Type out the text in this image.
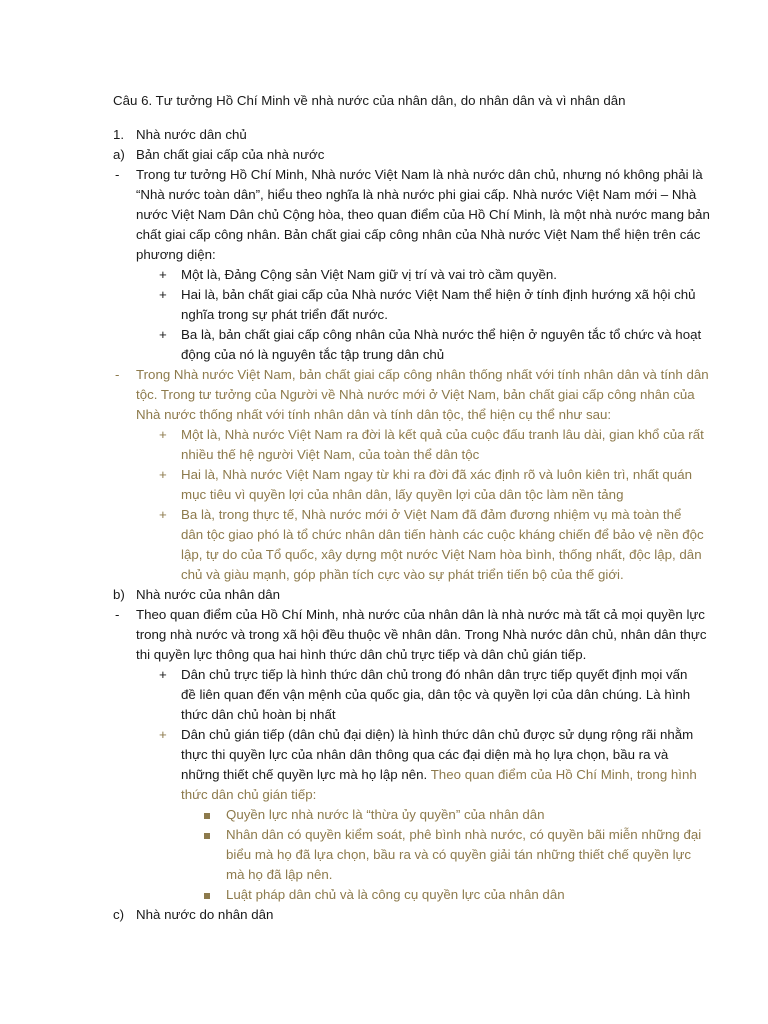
Câu 6. Tư tưởng Hồ Chí Minh về nhà nước của nhân dân, do nhân dân và vì nhân dân
1. Nhà nước dân chủ
a) Bản chất giai cấp của nhà nước
- Trong tư tưởng Hồ Chí Minh, Nhà nước Việt Nam là nhà nước dân chủ, nhưng nó không phải là
“Nhà nước toàn dân”, hiểu theo nghĩa là nhà nước phi giai cấp. Nhà nước Việt Nam mới – Nhà
nước Việt Nam Dân chủ Cộng hòa, theo quan điểm của Hồ Chí Minh, là một nhà nước mang bản
chất giai cấp công nhân. Bản chất giai cấp công nhân của Nhà nước Việt Nam thể hiện trên các
phương diện:
+ Một là, Đảng Cộng sản Việt Nam giữ vị trí và vai trò cầm quyền.
+ Hai là, bản chất giai cấp của Nhà nước Việt Nam thể hiện ở tính định hướng xã hội chủ
nghĩa trong sự phát triển đất nước.
+ Ba là, bản chất giai cấp công nhân của Nhà nước thể hiện ở nguyên tắc tổ chức và hoạt
động của nó là nguyên tắc tập trung dân chủ
- Trong Nhà nước Việt Nam, bản chất giai cấp công nhân thống nhất với tính nhân dân và tính dân
tộc. Trong tư tưởng của Người về Nhà nước mới ở Việt Nam, bản chất giai cấp công nhân của
Nhà nước thống nhất với tính nhân dân và tính dân tộc, thể hiện cụ thể như sau:
+ Một là, Nhà nước Việt Nam ra đời là kết quả của cuộc đấu tranh lâu dài, gian khổ của rất
nhiều thế hệ người Việt Nam, của toàn thể dân tộc
+ Hai là, Nhà nước Việt Nam ngay từ khi ra đời đã xác định rõ và luôn kiên trì, nhất quán
mục tiêu vì quyền lợi của nhân dân, lấy quyền lợi của dân tộc làm nền tảng
+ Ba là, trong thực tế, Nhà nước mới ở Việt Nam đã đảm đương nhiệm vụ mà toàn thể
dân tộc giao phó là tổ chức nhân dân tiến hành các cuộc kháng chiến để bảo vệ nền độc
lập, tự do của Tổ quốc, xây dựng một nước Việt Nam hòa bình, thống nhất, độc lập, dân
chủ và giàu mạnh, góp phần tích cực vào sự phát triển tiến bộ của thế giới.
b) Nhà nước của nhân dân
- Theo quan điểm của Hồ Chí Minh, nhà nước của nhân dân là nhà nước mà tất cả mọi quyền lực
trong nhà nước và trong xã hội đều thuộc về nhân dân. Trong Nhà nước dân chủ, nhân dân thực
thi quyền lực thông qua hai hình thức dân chủ trực tiếp và dân chủ gián tiếp.
+ Dân chủ trực tiếp là hình thức dân chủ trong đó nhân dân trực tiếp quyết định mọi vấn
đề liên quan đến vận mệnh của quốc gia, dân tộc và quyền lợi của dân chúng. Là hình
thức dân chủ hoàn bị nhất
+ Dân chủ gián tiếp (dân chủ đại diện) là hình thức dân chủ được sử dụng rộng rãi nhằm
thực thi quyền lực của nhân dân thông qua các đại diện mà họ lựa chọn, bầu ra và
những thiết chế quyền lực mà họ lập nên. Theo quan điểm của Hồ Chí Minh, trong hình
thức dân chủ gián tiếp:
Quyền lực nhà nước là “thừa ủy quyền” của nhân dân
Nhân dân có quyền kiểm soát, phê bình nhà nước, có quyền bãi miễn những đại
biểu mà họ đã lựa chọn, bầu ra và có quyền giải tán những thiết chế quyền lực
mà họ đã lập nên.
Luật pháp dân chủ và là công cụ quyền lực của nhân dân
c) Nhà nước do nhân dân
